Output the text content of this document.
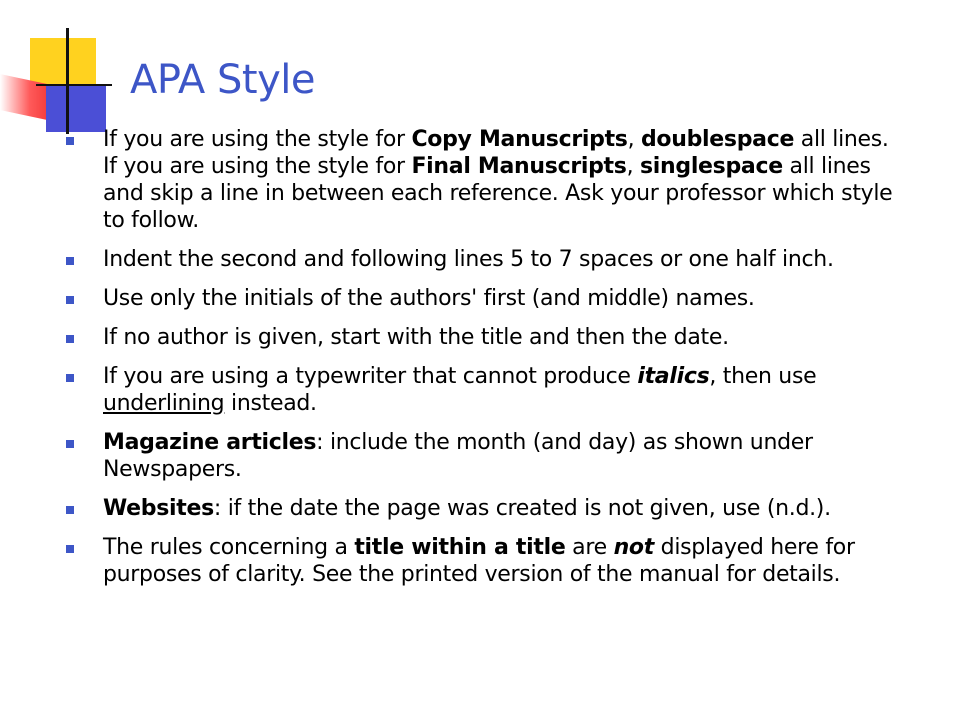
APA Style
If you are using the style for Copy Manuscripts, doublespace all lines. If you are using the style for Final Manuscripts, singlespace all lines and skip a line in between each reference. Ask your professor which style to follow.
Indent the second and following lines 5 to 7 spaces or one half inch.
Use only the initials of the authors' first (and middle) names.
If no author is given, start with the title and then the date.
If you are using a typewriter that cannot produce italics, then use underlining instead.
Magazine articles: include the month (and day) as shown under Newspapers.
Websites: if the date the page was created is not given, use (n.d.).
The rules concerning a title within a title are not displayed here for purposes of clarity. See the printed version of the manual for details.
